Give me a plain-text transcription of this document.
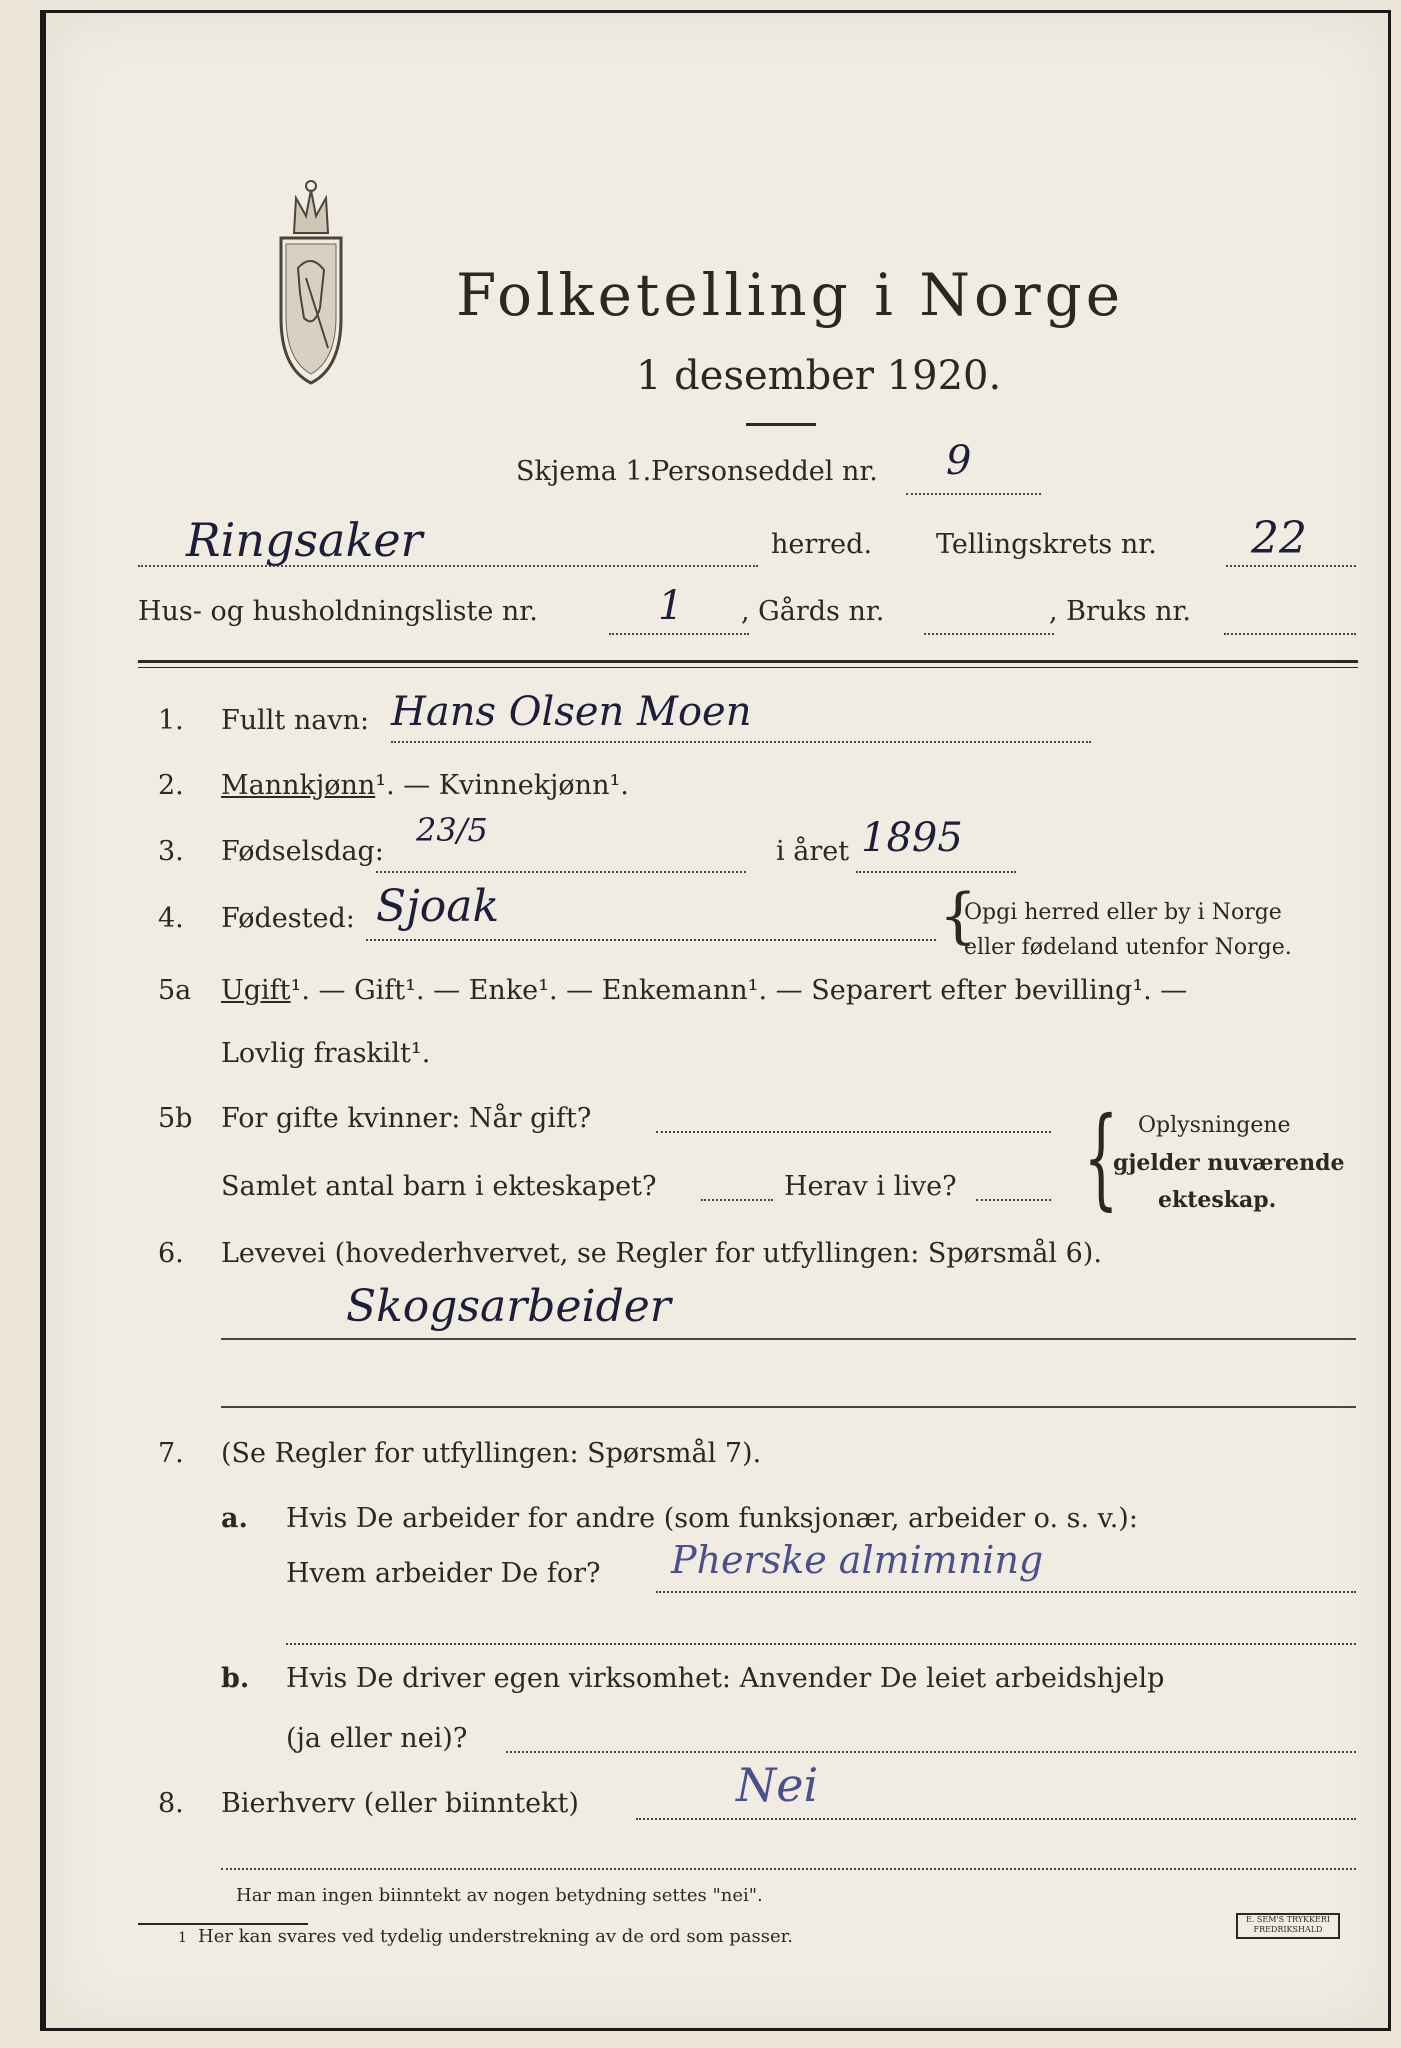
Folketelling i Norge
1 desember 1920.
Skjema 1. Personseddel nr. 9
Ringsaker	herred. Tellingskrets nr. 22
Hus- og husholdningsliste nr.	1 , Gårds nr.	, Bruks nr.
1. Fullt navn: Hans Olsen Moen
2. Mannkjønn¹. — Kvinnekjønn¹.
3. Fødselsdag:
23/5
i året 1895
4. Fødested: Sjoak	{
Opgi herred eller by i Norge
eller fødeland utenfor Norge.
5a Ugift¹. — Gift¹. — Enke¹. — Enkemann¹. — Separert efter bevilling¹. —
Lovlig fraskilt¹.
5b For gifte kvinner: Når gift?
Samlet antal barn i ekteskapet?	Herav i live? { Oplysningene
gjelder nuværende
ekteskap.
6. Levevei (hovederhvervet, se Regler for utfyllingen: Spørsmål 6).
Skogsarbeider
7. (Se Regler for utfyllingen: Spørsmål 7).
a. Hvis De arbeider for andre (som funksjonær, arbeider o. s. v.):
Hvem arbeider De for? Pherske almimning
b. Hvis De driver egen virksomhet: Anvender De leiet arbeidshjelp
(ja eller nei)?
8. Bierhverv (eller biinntekt)	Nei
Har man ingen biinntekt av nogen betydning settes "nei".
1 Her kan svares ved tydelig understrekning av de ord som passer.
E. SEM'S TRYKKERI FREDRIKSHALD
